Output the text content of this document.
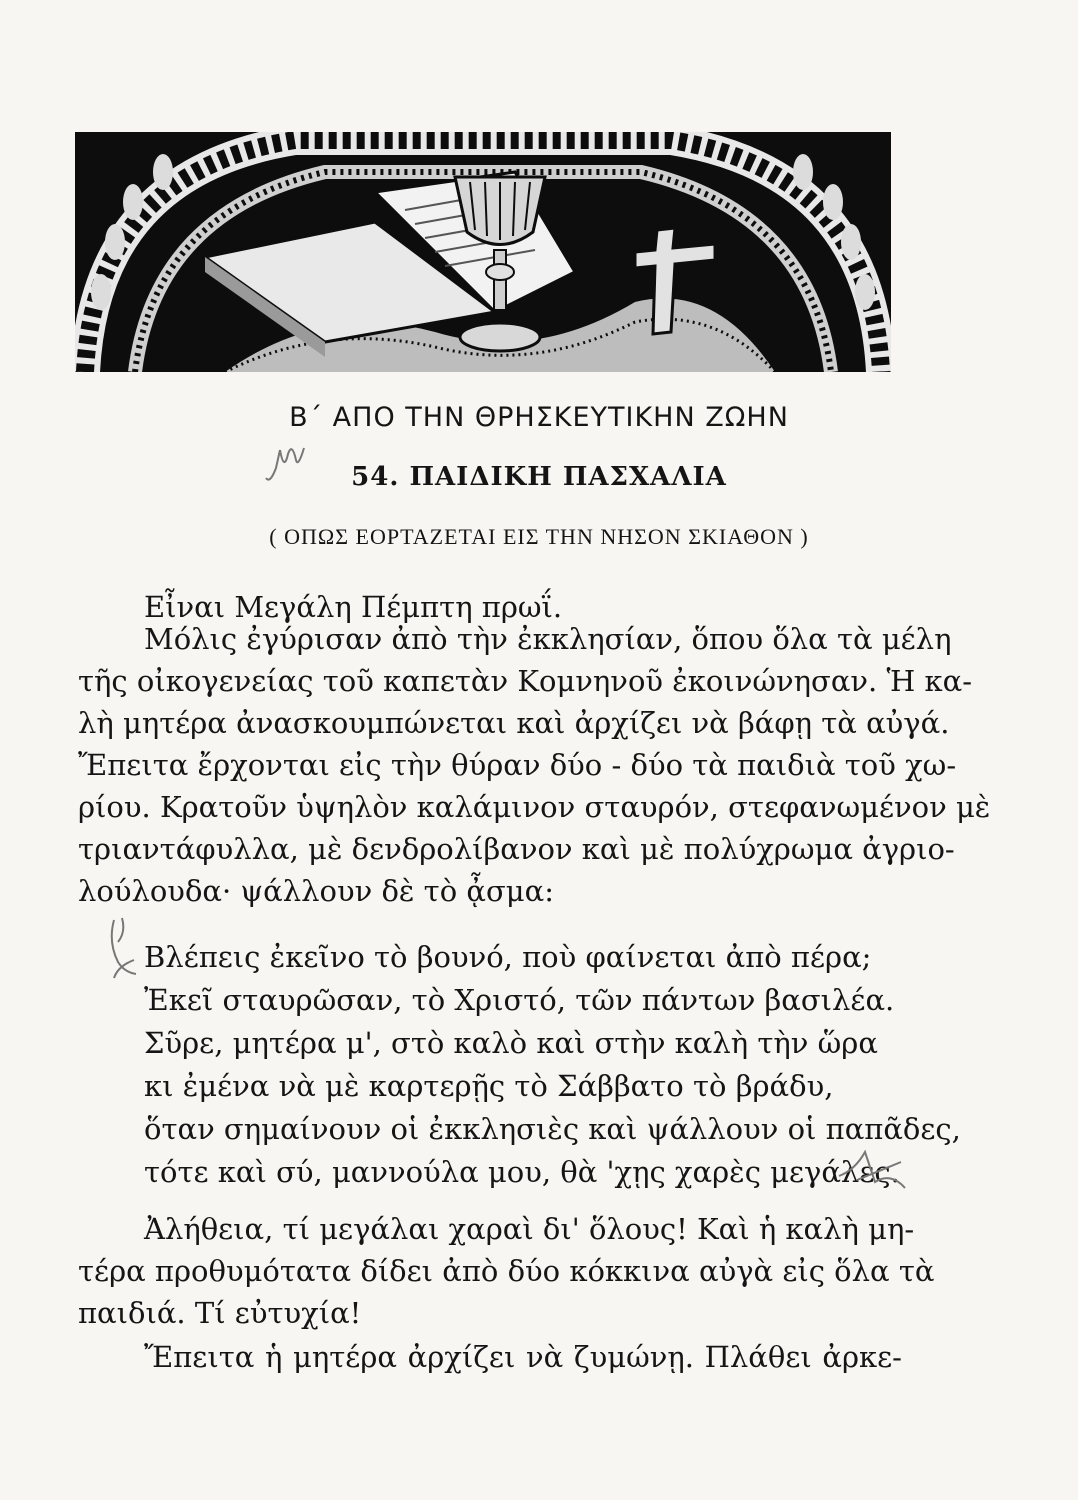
Β΄ ΑΠΟ ΤΗΝ ΘΡΗΣΚΕΥΤΙΚΗΝ ΖΩΗΝ
54. ΠΑΙΔΙΚΗ ΠΑΣΧΑΛΙΑ
( ΟΠΩΣ ΕΟΡΤΑΖΕΤΑΙ ΕΙΣ ΤΗΝ ΝΗΣΟΝ ΣΚΙΑΘΟΝ )
Εἶναι Μεγάλη Πέμπτη πρωΐ.
Μόλις ἐγύρισαν ἀπὸ τὴν ἐκκλησίαν, ὅπου ὅλα τὰ μέλη
τῆς οἰκογενείας τοῦ καπετὰν Κομνηνοῦ ἐκοινώνησαν. Ἡ κα-
λὴ μητέρα ἀνασκουμπώνεται καὶ ἀρχίζει νὰ βάφῃ τὰ αὐγά.
Ἔπειτα ἔρχονται εἰς τὴν θύραν δύο - δύο τὰ παιδιὰ τοῦ χω-
ρίου. Κρατοῦν ὑψηλὸν καλάμινον σταυρόν, στεφανωμένον μὲ
τριαντάφυλλα, μὲ δενδρολίβανον καὶ μὲ πολύχρωμα ἀγριο-
λούλουδα· ψάλλουν δὲ τὸ ᾆσμα:
Βλέπεις ἐκεῖνο τὸ βουνό, ποὺ φαίνεται ἀπὸ πέρα;
Ἐκεῖ σταυρῶσαν, τὸ Χριστό, τῶν πάντων βασιλέα.
Σῦρε, μητέρα μ', στὸ καλὸ καὶ στὴν καλὴ τὴν ὥρα
κι ἐμένα νὰ μὲ καρτερῇς τὸ Σάββατο τὸ βράδυ,
ὅταν σημαίνουν οἱ ἐκκλησιὲς καὶ ψάλλουν οἱ παπᾶδες,
τότε καὶ σύ, μαννούλα μου, θὰ 'χῃς χαρὲς μεγάλες.
Ἀλήθεια, τί μεγάλαι χαραὶ δι' ὅλους! Καὶ ἡ καλὴ μη-
τέρα προθυμότατα δίδει ἀπὸ δύο κόκκινα αὐγὰ εἰς ὅλα τὰ
παιδιά. Τί εὐτυχία!
Ἔπειτα ἡ μητέρα ἀρχίζει νὰ ζυμώνῃ. Πλάθει ἀρκε-
